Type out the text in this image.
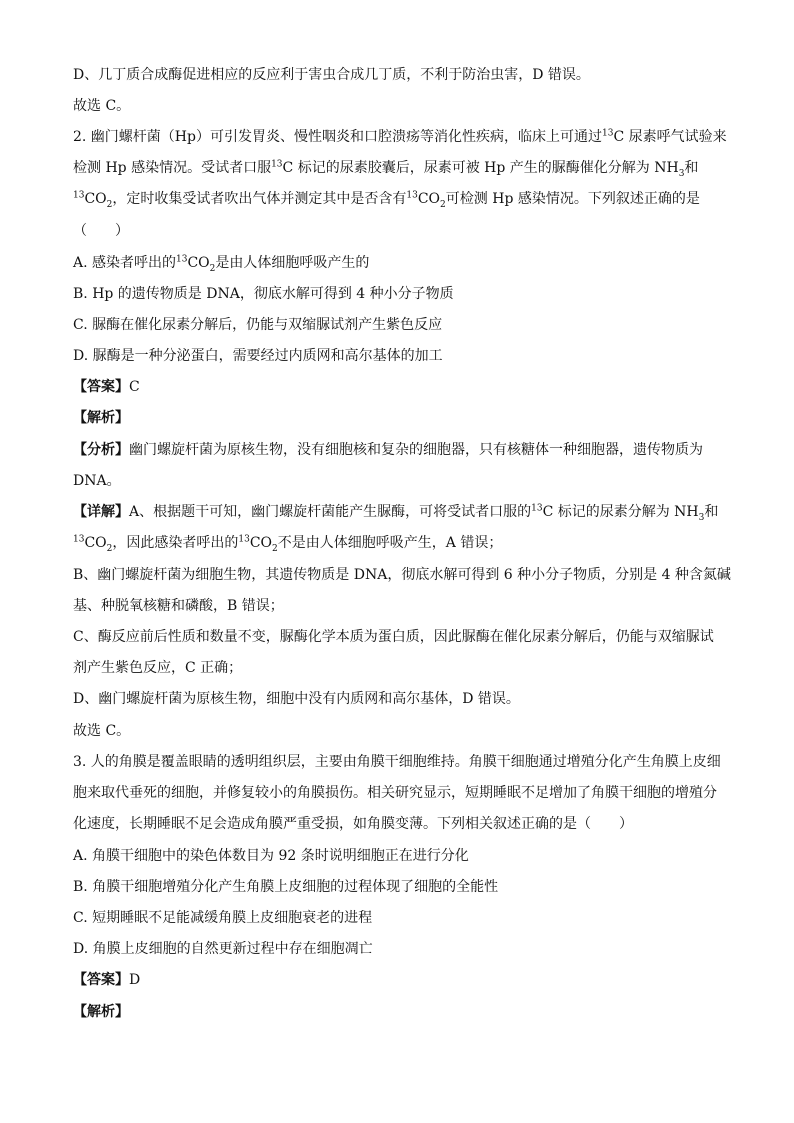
D、几丁质合成酶促进相应的反应利于害虫合成几丁质，不利于防治虫害，D 错误。
故选 C。
2. 幽门螺杆菌（Hp）可引发胃炎、慢性咽炎和口腔溃疡等消化性疾病，临床上可通过$^{13}$C 尿素呼气试验来
检测 Hp 感染情况。受试者口服$^{13}$C 标记的尿素胶囊后，尿素可被 Hp 产生的脲酶催化分解为 $NH_3$和
$^{13}CO_2$，定时收集受试者吹出气体并测定其中是否含有$^{13}CO_2$可检测 Hp 感染情况。下列叙述正确的是
（　　）
A. 感染者呼出的$^{13}CO_2$是由人体细胞呼吸产生的
B. Hp 的遗传物质是 DNA，彻底水解可得到 4 种小分子物质
C. 脲酶在催化尿素分解后，仍能与双缩脲试剂产生紫色反应
D. 脲酶是一种分泌蛋白，需要经过内质网和高尔基体的加工
【答案】C
【解析】
【分析】幽门螺旋杆菌为原核生物，没有细胞核和复杂的细胞器，只有核糖体一种细胞器，遗传物质为
DNA。
【详解】A、根据题干可知，幽门螺旋杆菌能产生脲酶，可将受试者口服的$^{13}$C 标记的尿素分解为 $NH_3$和
$^{13}CO_2$，因此感染者呼出的$^{13}CO_2$不是由人体细胞呼吸产生，A 错误；
B、幽门螺旋杆菌为细胞生物，其遗传物质是 DNA，彻底水解可得到 6 种小分子物质，分别是 4 种含氮碱
基、种脱氧核糖和磷酸，B 错误；
C、酶反应前后性质和数量不变，脲酶化学本质为蛋白质，因此脲酶在催化尿素分解后，仍能与双缩脲试
剂产生紫色反应，C 正确；
D、幽门螺旋杆菌为原核生物，细胞中没有内质网和高尔基体，D 错误。
故选 C。
3. 人的角膜是覆盖眼睛的透明组织层，主要由角膜干细胞维持。角膜干细胞通过增殖分化产生角膜上皮细
胞来取代垂死的细胞，并修复较小的角膜损伤。相关研究显示，短期睡眠不足增加了角膜干细胞的增殖分
化速度，长期睡眠不足会造成角膜严重受损，如角膜变薄。下列相关叙述正确的是（　　）
A. 角膜干细胞中的染色体数目为 92 条时说明细胞正在进行分化
B. 角膜干细胞增殖分化产生角膜上皮细胞的过程体现了细胞的全能性
C. 短期睡眠不足能减缓角膜上皮细胞衰老的进程
D. 角膜上皮细胞的自然更新过程中存在细胞凋亡
【答案】D
【解析】
